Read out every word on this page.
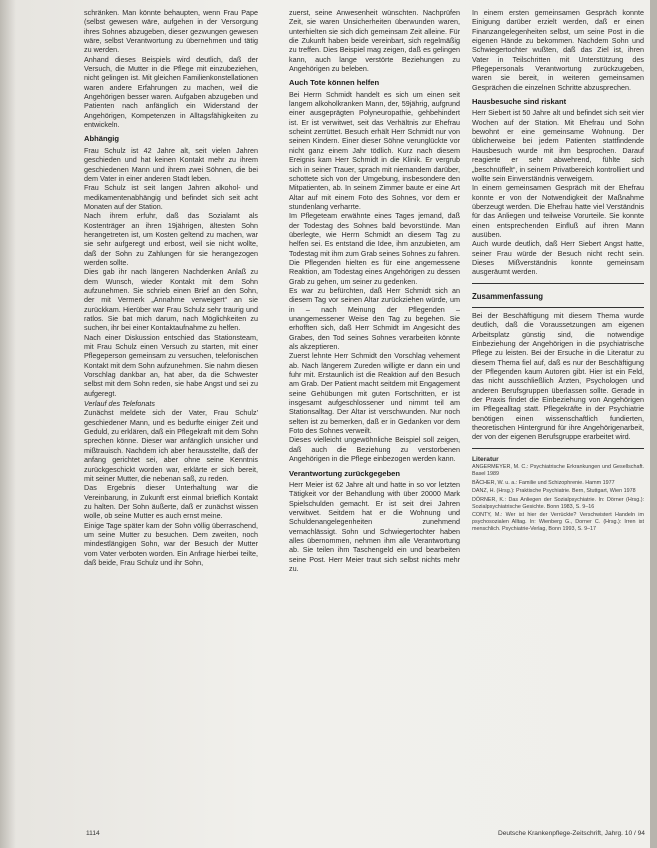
schränken. Man könnte behaupten, wenn Frau Pape (selbst gewesen wäre, aufgehen in der Versorgung ihres Sohnes abzugeben, dieser gezwungen gewesen wäre, selbst Verantwortung zu übernehmen und tätig zu werden.

Anhand dieses Beispiels wird deutlich, daß der Versuch, die Mutter in die Pflege mit einzubeziehen, nicht gelingen ist. Mit gleichen Familienkonstellationen waren andere Erfahrungen zu machen, weil die Angehörigen besser waren. Aufgaben abzugeben und Patienten nach anfänglich ein Widerstand der Angehörigen, Kompetenzen in Alltagsfähigkeiten zu entwickeln.

Abhängig

Frau Schulz ist 42 Jahre alt, seit vielen Jahren geschieden und hat keinen Kontakt mehr zu ihrem geschiedenen Mann und ihrem zwei Söhnen, die bei dem Vater in einer anderen Stadt leben.

Frau Schulz ist seit langen Jahren alkohol- und medikamentenabhängig und befindet sich seit acht Monaten auf der Station.

Nach ihrem erfuhr, daß das Sozialamt als Kostenträger an ihren 19jährigen, ältesten Sohn herangetreten ist, um Kosten geltend zu machen, war sie sehr aufgeregt und erbost, weil sie nicht wollte, daß der Sohn zu Zahlungen für sie herangezogen werden sollte.

Dies gab ihr nach längeren Nachdenken Anlaß zu dem Wunsch, wieder Kontakt mit dem Sohn aufzunehmen. Sie schrieb einen Brief an den Sohn, der mit Vermerk „Annahme verweigert“ an sie zurückkam. Hierüber war Frau Schulz sehr traurig und ratlos. Sie bat mich darum, nach Möglichkeiten zu suchen, ihr bei einer Kontaktaufnahme zu helfen.

Nach einer Diskussion entschied das Stationsteam, mit Frau Schulz einen Versuch zu starten, mit einer Pflegeperson gemeinsam zu versuchen, telefonischen Kontakt mit dem Sohn aufzunehmen. Sie nahm diesen Vorschlag dankbar an, hat aber, da die Schwester selbst mit dem Sohn reden, sie habe Angst und sei zu aufgeregt.

Verlauf des Telefonats

Zunächst meldete sich der Vater, Frau Schulz' geschiedener Mann, und es bedurfte einiger Zeit und Geduld, zu erklären, daß ein Pflegekraft mit dem Sohn sprechen könne. Dieser war anfänglich unsicher und mißtrauisch. Nachdem ich aber herausstellte, daß der anfang gerichtet sei, aber ohne seine Kenntnis zurückgeschickt worden war, erklärte er sich bereit, mit seiner Mutter, die nebenan saß, zu reden.

Das Ergebnis dieser Unterhaltung war die Vereinbarung, in Zukunft erst einmal brieflich Kontakt zu halten. Der Sohn äußerte, daß er zunächst wissen wolle, ob seine Mutter es auch ernst meine.

Einige Tage später kam der Sohn völlig überraschend, um seine Mutter zu besuchen. Dem zweiten, noch mindestlängigen Sohn, war der Besuch der Mutter vom Vater verboten worden. Ein Anfrage hierbei teilte, daß beide, Frau Schulz und ihr Sohn,

zuerst, seine Anwesenheit wünschten. Nachprüfen Zeit, sie waren Unsicherheiten überwunden waren, unterhielten sie sich dich gemeinsam Zeit alleine. Für die Zukunft haben beide vereinbart, sich regelmäßig zu treffen. Dies Beispiel mag zeigen, daß es gelingen kann, auch lange verstörte Beziehungen zu Angehörigen zu beleben.

Auch Tote können helfen

Bei Herrn Schmidt handelt es sich um einen seit langem alkoholkranken Mann, der, 59jährig, aufgrund einer ausgeprägten Polyneuropathie, gehbehindert ist. Er ist verwitwet, seit das Verhältnis zur Ehefrau scheint zerrüttet. Besuch erhält Herr Schmidt nur von seinen Kindern. Einer dieser Söhne verunglückte vor nicht ganz einem Jahr tödlich. Kurz nach diesem Ereignis kam Herr Schmidt in die Klinik. Er vergrub sich in seiner Trauer, sprach mit niemandem darüber, schottete sich von der Umgebung, insbesondere den Mitpatienten, ab. In seinem Zimmer baute er eine Art Altar auf mit einem Foto des Sohnes, vor dem er stundenlang verharrte.

Im Pflegeteam erwähnte eines Tages jemand, daß der Todestag des Sohnes bald bevorstünde. Man überlegte, wie Herrn Schmidt an diesem Tag zu helfen sei. Es entstand die Idee, ihm anzubieten, am Todestag mit ihm zum Grab seines Sohnes zu fahren. Die Pflegenden hielten es für eine angemessene Reaktion, am Todestag eines Angehörigen zu dessen Grab zu gehen, um seiner zu gedenken.

Es war zu befürchten, daß Herr Schmidt sich an diesem Tag vor seinen Altar zurückziehen würde, um in – nach Meinung der Pflegenden – unangemessener Weise den Tag zu begehen. Sie erhofften sich, daß Herr Schmidt im Angesicht des Grabes, den Tod seines Sohnes verarbeiten könnte als akzeptieren.

Zuerst lehnte Herr Schmidt den Vorschlag vehement ab. Nach längerem Zureden willigte er dann ein und fuhr mit. Erstaunlich ist die Reaktion auf den Besuch am Grab. Der Patient macht seitdem mit Engagement seine Gehübungen mit guten Fortschritten, er ist insgesamt aufgeschlossener und nimmt teil am Stationsalltag. Der Altar ist verschwunden. Nur noch selten ist zu bemerken, daß er in Gedanken vor dem Foto des Sohnes verweilt.

Dieses vielleicht ungewöhnliche Beispiel soll zeigen, daß auch die Beziehung zu verstorbenen Angehörigen in die Pflege einbezogen werden kann.

Verantwortung zurückgegeben

Herr Meier ist 62 Jahre alt und hatte in so vor letzten Tätigkeit vor der Behandlung with über 20000 Mark Spielschulden gemacht. Er ist seit drei Jahren verwitwet. Seitdem hat er die Wohnung und Schuldenangelegenheiten zunehmend vernachlässigt. Sohn und Schwiegertochter haben alles übernommen, nehmen ihm alle Verantwortung ab. Sie teilen ihm Taschengeld ein und bearbeiten seine Post. Herr Meier traut sich selbst nichts mehr zu.

In einem ersten gemeinsamen Gespräch konnte Einigung darüber erzielt werden, daß er einen Finanzangelegenheiten selbst, um seine Post in die eigenen Hände zu bekommen. Nachdem Sohn und Schwiegertochter wußten, daß das Ziel ist, ihren Vater in Teilschritten mit Unterstützung des Pflegepersonals Verantwortung zurückzugeben, waren sie bereit, in weiteren gemeinsamen Gesprächen die einzelnen Schritte abzusprechen.

Hausbesuche sind riskant

Herr Siebert ist 50 Jahre alt und befindet sich seit vier Wochen auf der Station. Mit Ehefrau und Sohn bewohnt er eine gemeinsame Wohnung. Der üblicherweise bei jedem Patienten stattfindende Hausbesuch wurde mit ihm besprochen. Darauf reagierte er sehr abwehrend, fühlte sich „beschnüffelt“, in seinem Privatbereich kontrolliert und wollte sein Einverständnis verweigern.

In einem gemeinsamen Gespräch mit der Ehefrau konnte er von der Notwendigkeit der Maßnahme überzeugt werden. Die Ehefrau hatte viel Verständnis für das Anliegen und teilweise Vorurteile. Sie konnte einen entsprechenden Einfluß auf ihren Mann ausüben.

Auch wurde deutlich, daß Herr Siebert Angst hatte, seiner Frau würde der Besuch nicht recht sein. Dieses Mißverständnis konnte gemeinsam ausgeräumt werden.

Zusammenfassung

Bei der Beschäftigung mit diesem Thema wurde deutlich, daß die Voraussetzungen am eigenen Arbeitsplatz günstig sind, die notwendige Einbeziehung der Angehörigen in die psychiatrische Pflege zu leisten. Bei der Ersuche in die Literatur zu diesem Thema fiel auf, daß es nur der Beschäftigung der Pflegenden kaum Autoren gibt. Hier ist ein Feld, das nicht ausschließlich Ärzten, Psychologen und anderen Berufsgruppen überlassen sollte. Gerade in der Praxis findet die Einbeziehung von Angehörigen im Pflegealltag statt. Pflegekräfte in der Psychiatrie benötigen einen wissenschaftlich fundierten, theoretischen Hintergrund für ihre Angehörigenarbeit, der von der eigenen Berufsgruppe erarbeitet wird.

Literatur

ANGERMEYER, M. C.: Psychiatrische Erkrankungen und Gesellschaft. Basel 1989

BÄCHER, W. u. a.: Familie und Schizophrenie. Hamm 1977

DANZ, H. (Hrsg.): Praktische Psychiatrie. Bern, Stuttgart, Wien 1978

DÖRNER, K.: Das Anliegen der Sozialpsychiatrie. In: Dörner (Hrsg.): Sozialpsychiatrische Gesichte. Bonn 1983, S. 9–16

CONTY, M.: Wer ist hier der Verrückte? Verschwistert Handeln im psychosozialen Alltag. In: Wienberg G., Dorner C. (Hrsg.): Irren ist menschlich. Psychiatrie-Verlag, Bonn 1993, S. 9–17

1114	Deutsche Krankenpflege-Zeitschrift, Jahrg. 10 / 94
